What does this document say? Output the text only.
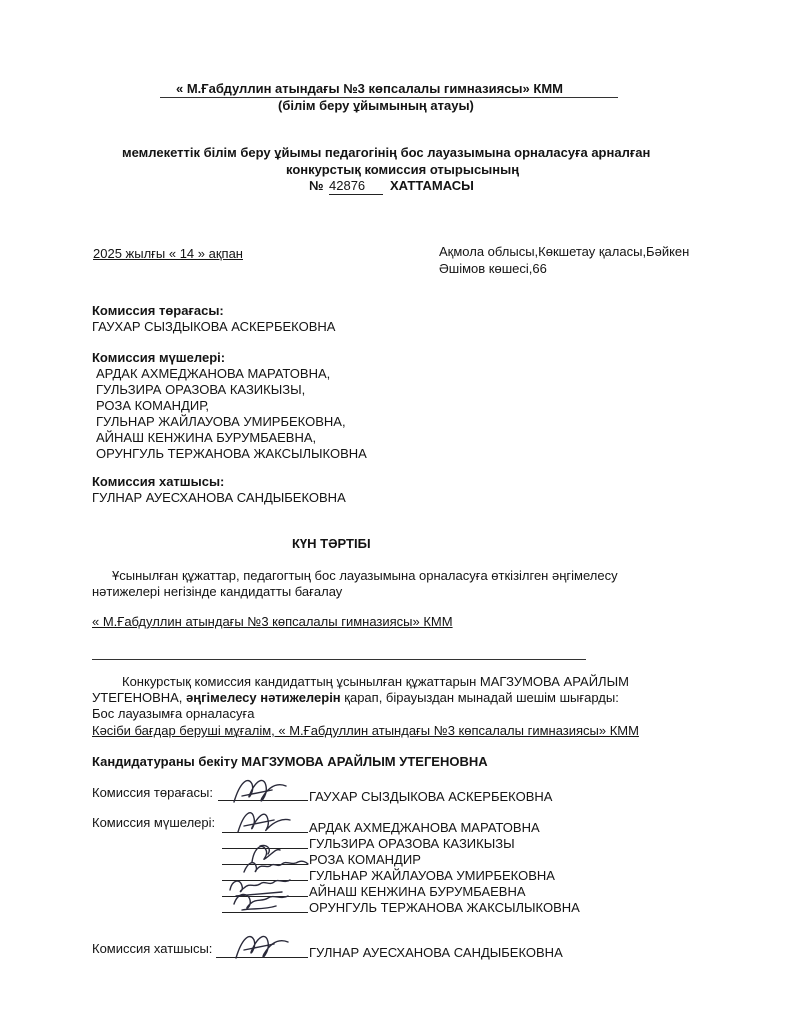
« М.Ғабдуллин атындағы №3 көпсалалы гимназиясы» КММ
(білім беру ұйымының атауы)
мемлекеттік білім беру ұйымы педагогінің бос лауазымына орналасуға арналған
конкурстық комиссия отырысының
№ 42876	ХАТТАМАСЫ
2025 жылғы « 14 » ақпан	Ақмола облысы,Көкшетау қаласы,Бәйкен
Әшімов көшесі,66
Комиссия төрағасы:
ГАУХАР СЫЗДЫКОВА АСКЕРБЕКОВНА
Комиссия мүшелері:
АРДАК АХМЕДЖАНОВА МАРАТОВНА,
ГУЛЬЗИРА ОРАЗОВА КАЗИКЫЗЫ,
РОЗА КОМАНДИР,
ГУЛЬНАР ЖАЙЛАУОВА УМИРБЕКОВНА,
АЙНАШ КЕНЖИНА БУРУМБАЕВНА,
ОРУНГУЛЬ ТЕРЖАНОВА ЖАКСЫЛЫКОВНА
Комиссия хатшысы:
ГУЛНАР АУЕСХАНОВА САНДЫБЕКОВНА
КҮН ТӘРТІБІ
Ұсынылған құжаттар, педагогтың бос лауазымына орналасуға өткізілген әңгімелесу
нәтижелері негізінде кандидатты бағалау
« М.Ғабдуллин атындағы №3 көпсалалы гимназиясы» КММ
Конкурстық комиссия кандидаттың ұсынылған құжаттарын МАГЗУМОВА АРАЙЛЫМ
УТЕГЕНОВНА, әңгімелесу нәтижелерін қарап, бірауыздан мынадай шешім шығарды:
Бос лауазымға орналасуға
Кәсіби бағдар беруші мұғалім, « М.Ғабдуллин атындағы №3 көпсалалы гимназиясы» КММ
Кандидатураны бекіту МАГЗУМОВА АРАЙЛЫМ УТЕГЕНОВНА
Комиссия төрағасы:	ГАУХАР СЫЗДЫКОВА АСКЕРБЕКОВНА
Комиссия мүшелері:	АРДАК АХМЕДЖАНОВА МАРАТОВНА
ГУЛЬЗИРА ОРАЗОВА КАЗИКЫЗЫ
РОЗА КОМАНДИР
ГУЛЬНАР ЖАЙЛАУОВА УМИРБЕКОВНА
АЙНАШ КЕНЖИНА БУРУМБАЕВНА
ОРУНГУЛЬ ТЕРЖАНОВА ЖАКСЫЛЫКОВНА
Комиссия хатшысы:	ГУЛНАР АУЕСХАНОВА САНДЫБЕКОВНА
